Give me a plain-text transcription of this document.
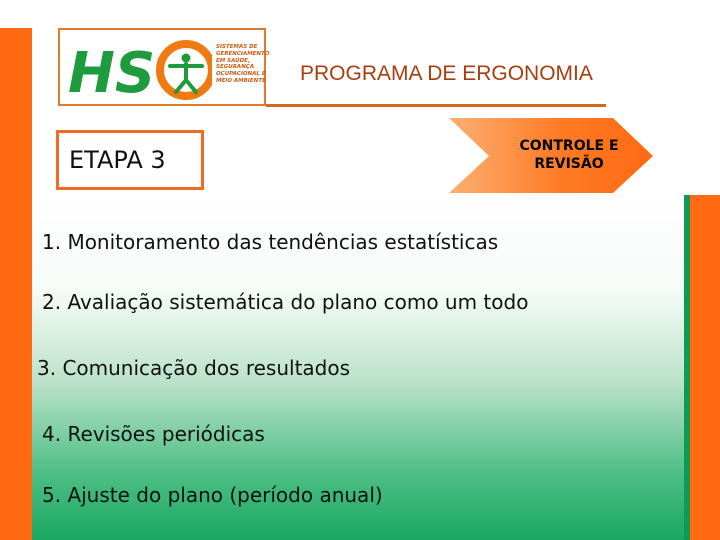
HS	SISTEMAS DE
GERENCIAMENTO
EM SAÚDE,
SEGURANÇA
OCUPACIONAL E
MEIO AMBIENTE PROGRAMA DE ERGONOMIA
ETAPA 3	CONTROLE E
REVISÃO
1. Monitoramento das tendências estatísticas
2. Avaliação sistemática do plano como um todo
3. Comunicação dos resultados
4. Revisões periódicas
5. Ajuste do plano (período anual)
